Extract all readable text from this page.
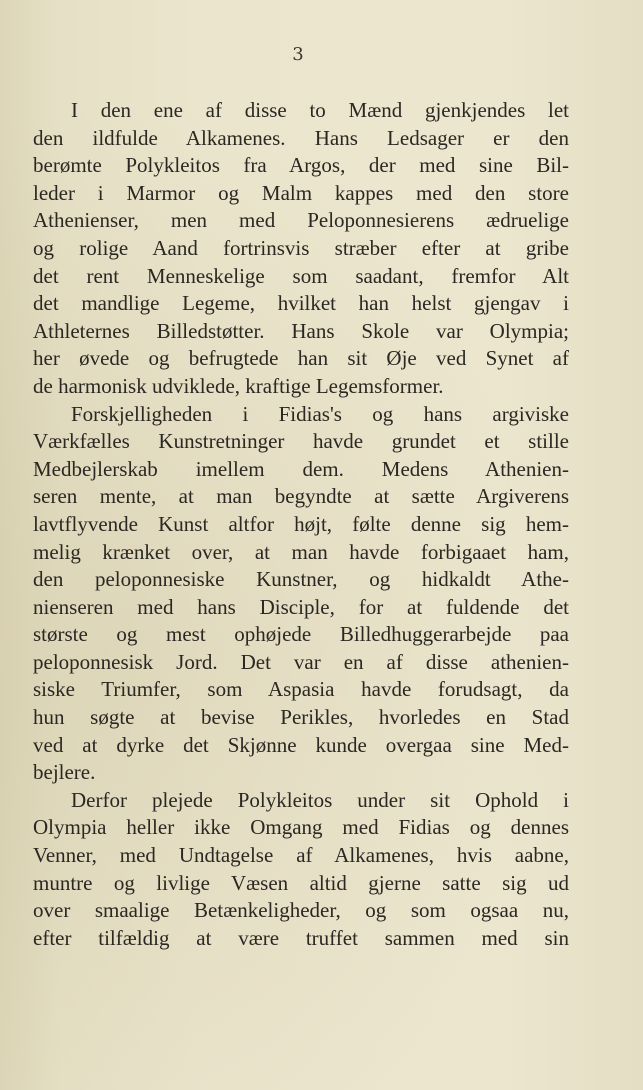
3
I den ene af disse to Mænd gjenkjendes let
den ildfulde Alkamenes. Hans Ledsager er den
berømte Polykleitos fra Argos, der med sine Bil-
leder i Marmor og Malm kappes med den store
Athenienser, men med Peloponnesierens ædruelige
og rolige Aand fortrinsvis stræber efter at gribe
det rent Menneskelige som saadant, fremfor Alt
det mandlige Legeme, hvilket han helst gjengav i
Athleternes Billedstøtter. Hans Skole var Olympia;
her øvede og befrugtede han sit Øje ved Synet af
de harmonisk udviklede, kraftige Legemsformer.
Forskjelligheden i Fidias's og hans argiviske
Værkfælles Kunstretninger havde grundet et stille
Medbejlerskab imellem dem. Medens Athenien-
seren mente, at man begyndte at sætte Argiverens
lavtflyvende Kunst altfor højt, følte denne sig hem-
melig krænket over, at man havde forbigaaet ham,
den peloponnesiske Kunstner, og hidkaldt Athe-
nienseren med hans Disciple, for at fuldende det
største og mest ophøjede Billedhuggerarbejde paa
peloponnesisk Jord. Det var en af disse athenien-
siske Triumfer, som Aspasia havde forudsagt, da
hun søgte at bevise Perikles, hvorledes en Stad
ved at dyrke det Skjønne kunde overgaa sine Med-
bejlere.
Derfor plejede Polykleitos under sit Ophold i
Olympia heller ikke Omgang med Fidias og dennes
Venner, med Undtagelse af Alkamenes, hvis aabne,
muntre og livlige Væsen altid gjerne satte sig ud
over smaalige Betænkeligheder, og som ogsaa nu,
efter tilfældig at være truffet sammen med sin
